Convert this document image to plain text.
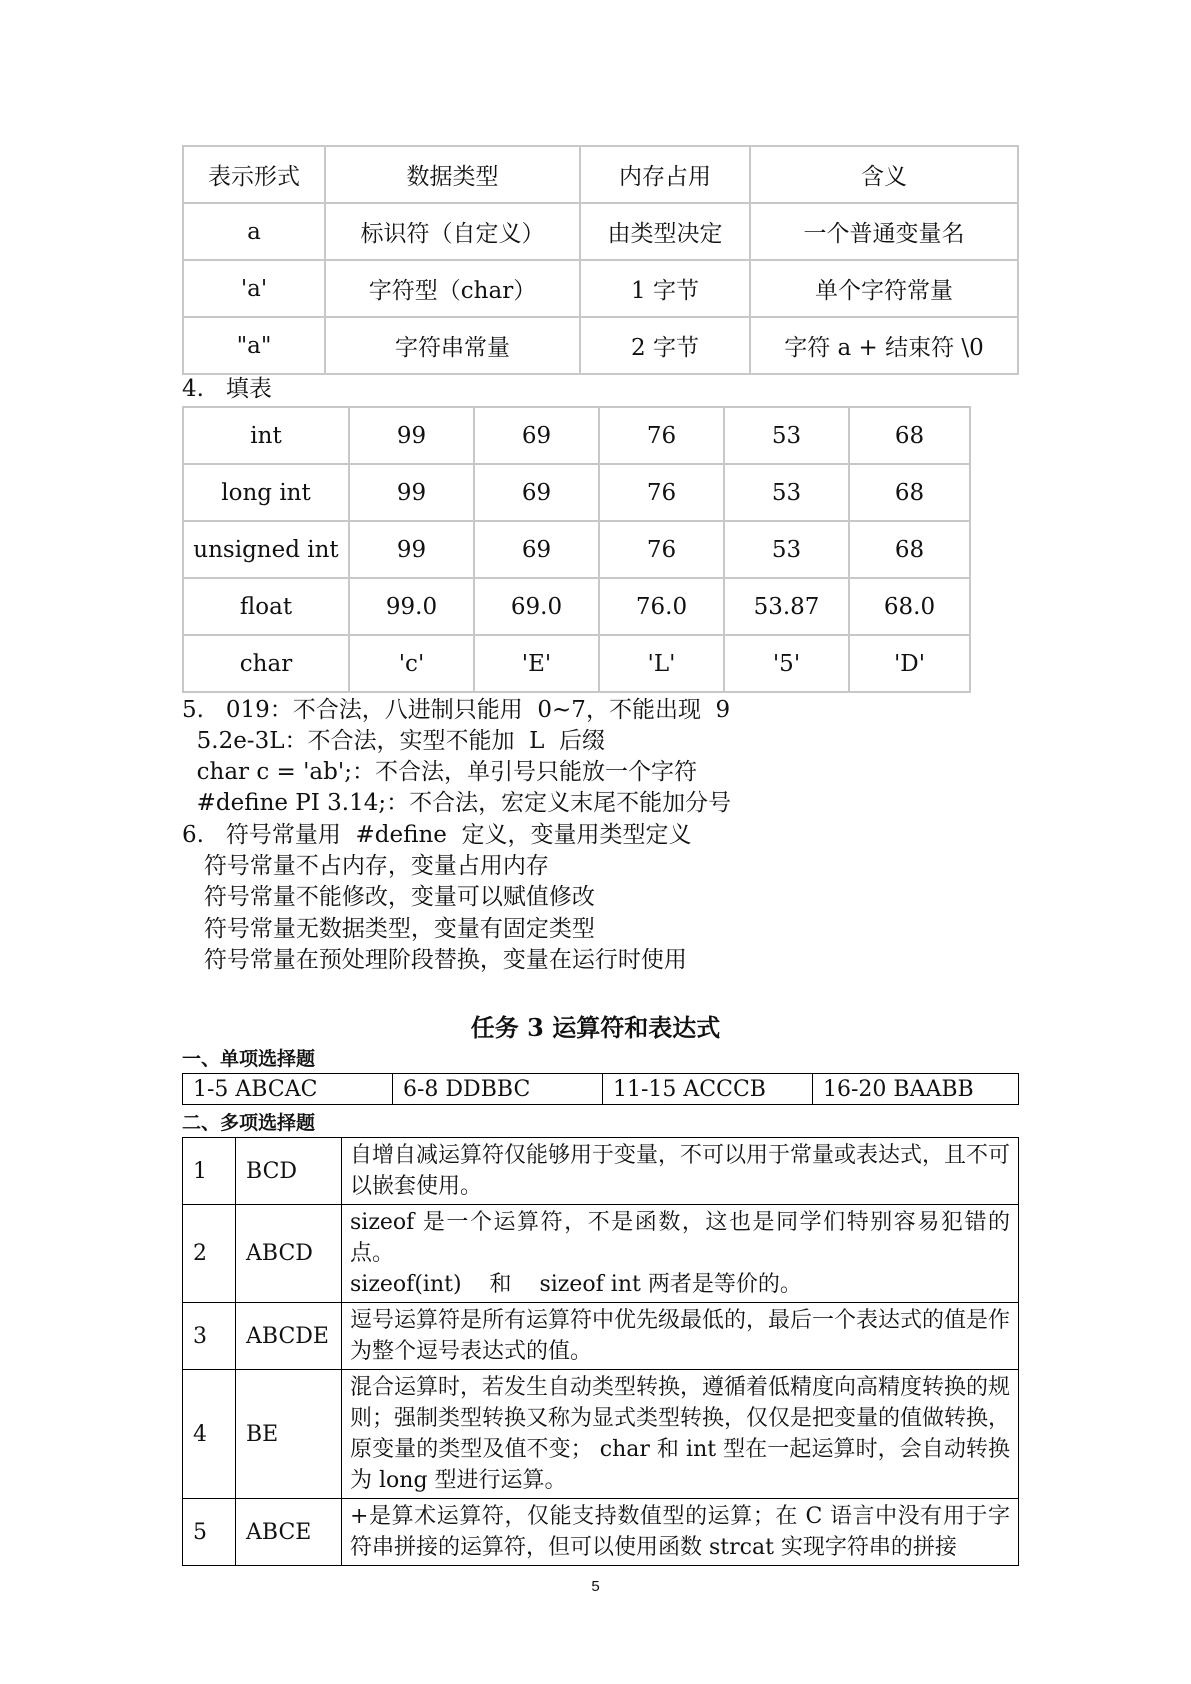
表示形式	数据类型	内存占用	含义
a	标识符（自定义）	由类型决定	一个普通变量名
'a'	字符型（char）	1 字节	单个字符常量
"a"	字符串常量	2 字节	字符 a + 结束符 \0
4.   填表
int	99	69	76	53	68
long int	99	69	76	53	68
unsigned int	99	69	76	53	68
float	99.0	69.0	76.0	53.87	68.0
char	'c'	'E'	'L'	'5'	'D'
5.   019：不合法，八进制只能用  0~7，不能出现  9
5.2e-3L：不合法，实型不能加  L  后缀
char c = 'ab';：不合法，单引号只能放一个字符
#define PI 3.14;：不合法，宏定义末尾不能加分号
6.   符号常量用  #define  定义，变量用类型定义
符号常量不占内存，变量占用内存
符号常量不能修改，变量可以赋值修改
符号常量无数据类型，变量有固定类型
符号常量在预处理阶段替换，变量在运行时使用
任务 3 运算符和表达式
一、单项选择题
1-5 ABCAC	6-8 DDBBC	11-15 ACCCB	16-20 BAABB
二、多项选择题
1	BCD	自增自减运算符仅能够用于变量，不可以用于常量或表达式，且不可以嵌套使用。
2	ABCD	sizeof 是一个运算符，不是函数，这也是同学们特别容易犯错的点。
sizeof(int)    和    sizeof int 两者是等价的。

3	ABCDE	逗号运算符是所有运算符中优先级最低的，最后一个表达式的值是作为整个逗号表达式的值。
4	BE	混合运算时，若发生自动类型转换，遵循着低精度向高精度转换的规则；强制类型转换又称为显式类型转换，仅仅是把变量的值做转换，原变量的类型及值不变； char 和 int 型在一起运算时，会自动转换为 long 型进行运算。
5	ABCE	+是算术运算符，仅能支持数值型的运算；在 C 语言中没有用于字符串拼接的运算符，但可以使用函数 strcat 实现字符串的拼接
5
